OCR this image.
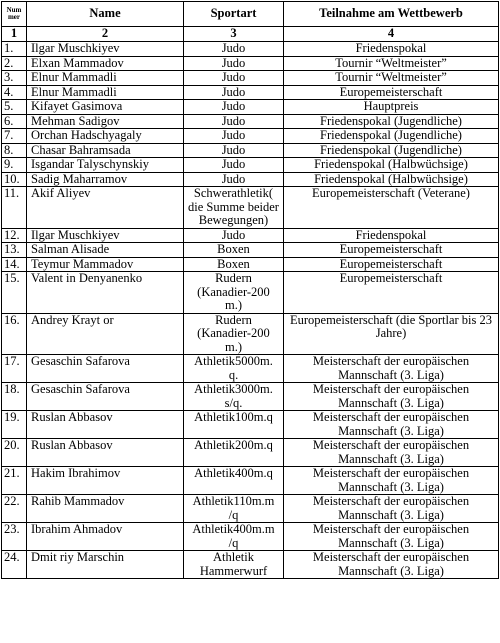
Num mer	Name	Sportart	Teilnahme am Wettbewerb
1	2	3	4
1.	Ilgar Muschkiyev	Judo	Friedenspokal
2.	Elxan Mammadov	Judo	Tournir “Weltmeister”
3.	Elnur Mammadli	Judo	Tournir “Weltmeister”
4.	Elnur Mammadli	Judo	Europemeisterschaft
5.	Kifayet Gasimova	Judo	Hauptpreis
6.	Mehman Sadigov	Judo	Friedenspokal (Jugendliche)
7.	Orchan Hadschyagaly	Judo	Friedenspokal (Jugendliche)
8.	Chasar Bahramsada	Judo	Friedenspokal (Jugendliche)
9.	Isgandar Talyschynskiy	Judo	Friedenspokal (Halbwüchsige)
10.	Sadig Maharramov	Judo	Friedenspokal (Halbwüchsige)
11.	Akif Aliyev	Schwerathletik( die Summe beider Bewegungen)	Europemeisterschaft (Veterane)
12.	Ilgar Muschkiyev	Judo	Friedenspokal
13.	Salman Alisade	Boxen	Europemeisterschaft
14.	Teymur Mammadov	Boxen	Europemeisterschaft
15.	Valent in Denyanenko	Rudern (Kanadier-200 m.)	Europemeisterschaft
16.	Andrey Krayt or	Rudern (Kanadier-200 m.)	Europemeisterschaft (die Sportlar bis 23 Jahre)
17.	Gesaschin Safarova	Athletik5000m. q.	Meisterschaft der europäischen Mannschaft (3. Liga)
18.	Gesaschin Safarova	Athletik3000m. s/q.	Meisterschaft der europäischen Mannschaft (3. Liga)
19.	Ruslan Abbasov	Athletik100m.q	Meisterschaft der europäischen Mannschaft (3. Liga)
20.	Ruslan Abbasov	Athletik200m.q	Meisterschaft der europäischen Mannschaft (3. Liga)
21.	Hakim Ibrahimov	Athletik400m.q	Meisterschaft der europäischen Mannschaft (3. Liga)
22.	Rahib Mammadov	Athletik110m.m /q	Meisterschaft der europäischen Mannschaft (3. Liga)
23.	Ibrahim Ahmadov	Athletik400m.m /q	Meisterschaft der europäischen Mannschaft (3. Liga)
24.	Dmit riy Marschin	Athletik Hammerwurf	Meisterschaft der europäischen Mannschaft (3. Liga)
